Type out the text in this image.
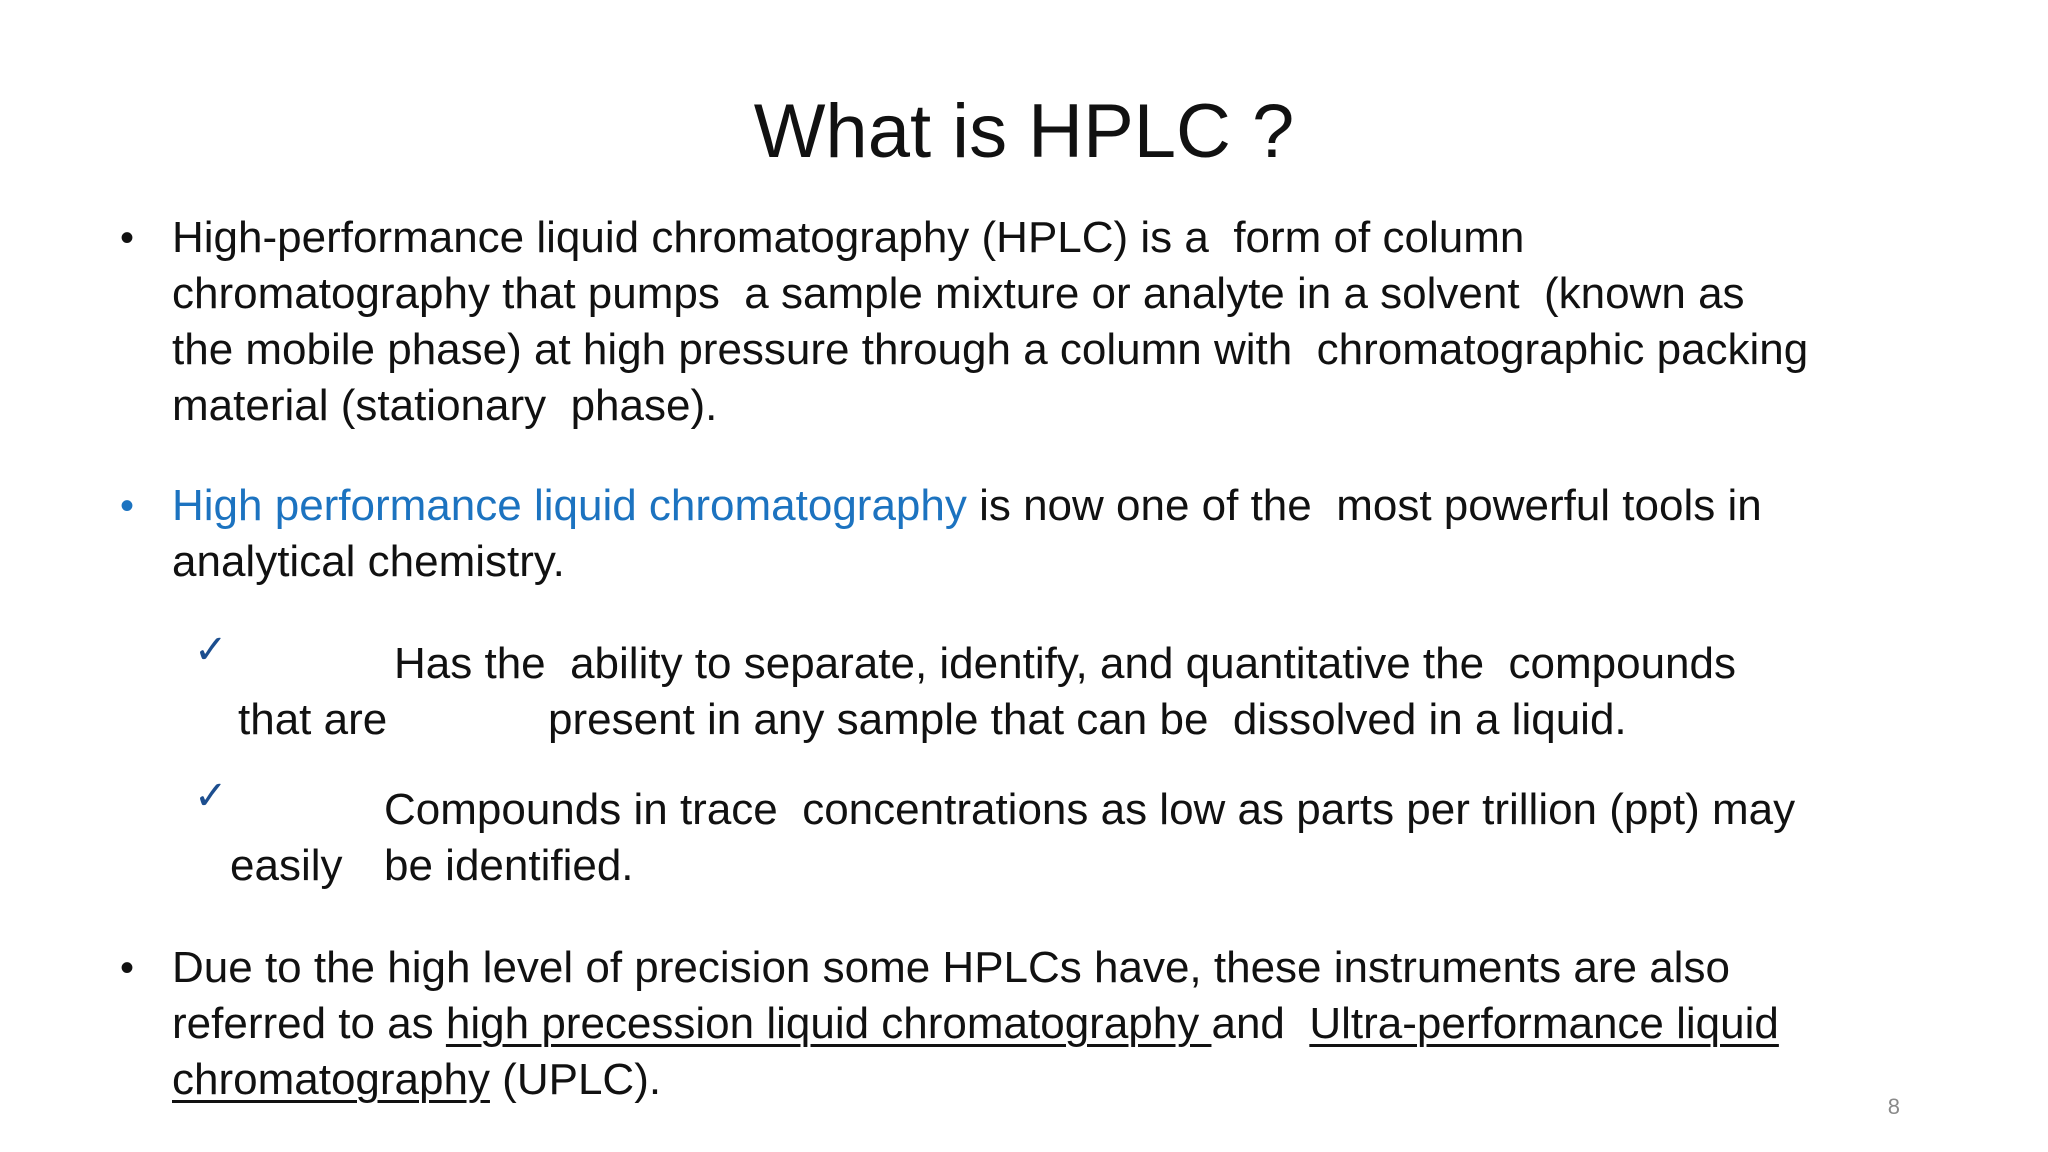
What is HPLC ?
• High-performance liquid chromatography (HPLC) is a  form of column
chromatography that pumps  a sample mixture or analyte in a solvent  (known as
the mobile phase) at high pressure through a column with  chromatographic packing
material (stationary  phase).
• High performance liquid chromatography is now one of the  most powerful tools in
analytical chemistry.
✓	Has the  ability to separate, identify, and quantitative the  compounds
that are	present in any sample that can be  dissolved in a liquid.
✓	Compounds in trace  concentrations as low as parts per trillion (ppt) may
easily be identified.
• Due to the high level of precision some HPLCs have, these instruments are also
referred to as high precession liquid chromatography and  Ultra-performance liquid
chromatography (UPLC).
8
